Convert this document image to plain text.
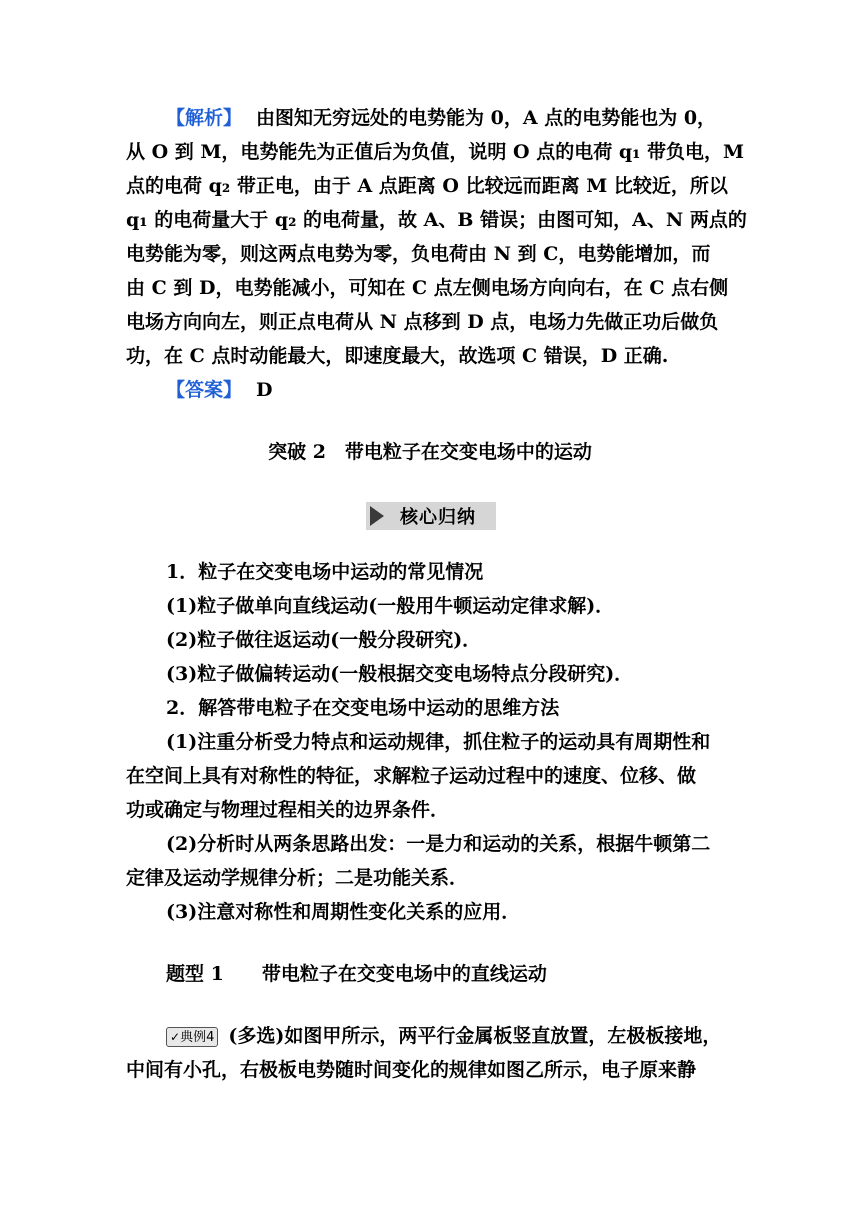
【解析】 由图知无穷远处的电势能为 0，A 点的电势能也为 0，
从 O 到 M，电势能先为正值后为负值，说明 O 点的电荷 q₁ 带负电，M
点的电荷 q₂ 带正电，由于 A 点距离 O 比较远而距离 M 比较近，所以
q₁ 的电荷量大于 q₂ 的电荷量，故 A、B 错误；由图可知，A、N 两点的
电势能为零，则这两点电势为零，负电荷由 N 到 C，电势能增加，而
由 C 到 D，电势能减小，可知在 C 点左侧电场方向向右，在 C 点右侧
电场方向向左，则正点电荷从 N 点移到 D 点，电场力先做正功后做负
功，在 C 点时动能最大，即速度最大，故选项 C 错误，D 正确.
【答案】 D
突破 2　带电粒子在交变电场中的运动
核心归纳
1．粒子在交变电场中运动的常见情况
(1)粒子做单向直线运动(一般用牛顿运动定律求解)．
(2)粒子做往返运动(一般分段研究)．
(3)粒子做偏转运动(一般根据交变电场特点分段研究)．
2．解答带电粒子在交变电场中运动的思维方法
(1)注重分析受力特点和运动规律，抓住粒子的运动具有周期性和
在空间上具有对称性的特征，求解粒子运动过程中的速度、位移、做
功或确定与物理过程相关的边界条件．
(2)分析时从两条思路出发：一是力和运动的关系，根据牛顿第二
定律及运动学规律分析；二是功能关系．
(3)注意对称性和周期性变化关系的应用．
题型 1　　带电粒子在交变电场中的直线运动
✓典例4 (多选)如图甲所示，两平行金属板竖直放置，左极板接地，
中间有小孔，右极板电势随时间变化的规律如图乙所示，电子原来静
